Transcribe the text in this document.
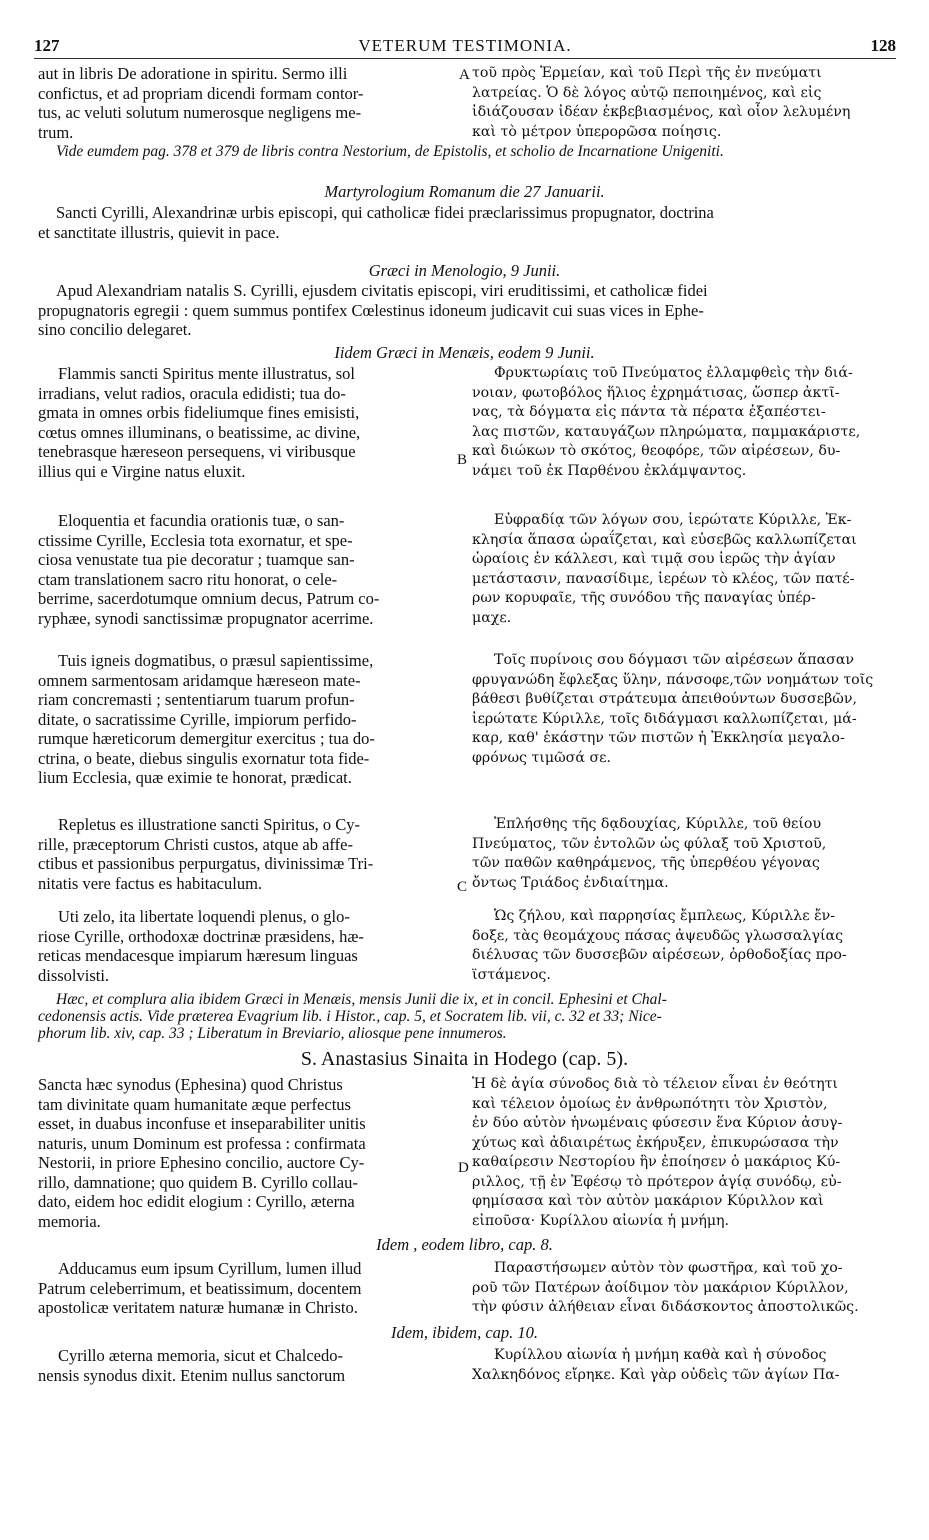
127	VETERUM TESTIMONIA.	128
A
B
C
D
aut in libris De adoratione in spiritu. Sermo illi
confictus, et ad propriam dicendi formam contor-
tus, ac veluti solutum numerosque negligens me-
trum.
τοῦ πρὸς Ἑρμείαν, καὶ τοῦ Περὶ τῆς ἐν πνεύματι
λατρείας. Ὁ δὲ λόγος αὐτῷ πεποιημένος, καὶ εἰς
ἰδιάζουσαν ἰδέαν ἐκβεβιασμένος, καὶ οἷον λελυμένη
καὶ τὸ μέτρον ὑπερορῶσα ποίησις.
Vide eumdem pag. 378 et 379 de libris contra Nestorium, de Epistolis, et scholio de Incarnatione Unigeniti.
Martyrologium Romanum die 27 Januarii.
Sancti Cyrilli, Alexandrinæ urbis episcopi, qui catholicæ fidei præclarissimus propugnator, doctrina
et sanctitate illustris, quievit in pace.
Græci in Menologio, 9 Junii.
Apud Alexandriam natalis S. Cyrilli, ejusdem civitatis episcopi, viri eruditissimi, et catholicæ fidei
propugnatoris egregii : quem summus pontifex Cœlestinus idoneum judicavit cui suas vices in Ephe-
sino concilio delegaret.
Iidem Græci in Menæis, eodem 9 Junii.
Flammis sancti Spiritus mente illustratus, sol
irradians, velut radios, oracula edidisti; tua do-
gmata in omnes orbis fideliumque fines emisisti,
cœtus omnes illuminans, o beatissime, ac divine,
tenebrasque hæreseon persequens, vi viribusque
illius qui e Virgine natus eluxit.
Φρυκτωρίαις τοῦ Πνεύματος ἐλλαμφθεὶς τὴν διά-
νοιαν, φωτοβόλος ἥλιος ἐχρημάτισας, ὥσπερ ἀκτῖ-
νας, τὰ δόγματα εἰς πάντα τὰ πέρατα ἐξαπέστει-
λας πιστῶν, καταυγάζων πληρώματα, παμμακάριστε,
καὶ διώκων τὸ σκότος, θεοφόρε, τῶν αἱρέσεων, δυ-
νάμει τοῦ ἐκ Παρθένου ἐκλάμψαντος.
Eloquentia et facundia orationis tuæ, o san-
ctissime Cyrille, Ecclesia tota exornatur, et spe-
ciosa venustate tua pie decoratur ; tuamque san-
ctam translationem sacro ritu honorat, o cele-
berrime, sacerdotumque omnium decus, Patrum co-
ryphæe, synodi sanctissimæ propugnator acerrime.
Εὐφραδίᾳ τῶν λόγων σου, ἱερώτατε Κύριλλε, Ἐκ-
κλησία ἅπασα ὡραΐζεται, καὶ εὐσεβῶς καλλωπίζεται
ὡραίοις ἐν κάλλεσι, καὶ τιμᾷ σου ἱερῶς τὴν ἁγίαν
μετάστασιν, πανασίδιμε, ἱερέων τὸ κλέος, τῶν πατέ-
ρων κορυφαῖε, τῆς συνόδου τῆς παναγίας ὑπέρ-
μαχε.
Tuis igneis dogmatibus, o præsul sapientissime,
omnem sarmentosam aridamque hæreseon mate-
riam concremasti ; sententiarum tuarum profun-
ditate, o sacratissime Cyrille, impiorum perfido-
rumque hæreticorum demergitur exercitus ; tua do-
ctrina, o beate, diebus singulis exornatur tota fide-
lium Ecclesia, quæ eximie te honorat, prædicat.
Τοῖς πυρίνοις σου δόγμασι τῶν αἱρέσεων ἅπασαν
φρυγανώδη ἔφλεξας ὕλην, πάνσοφε,τῶν νοημάτων τοῖς
βάθεσι βυθίζεται στράτευμα ἀπειθούντων δυσσεβῶν,
ἱερώτατε Κύριλλε, τοῖς διδάγμασι καλλωπίζεται, μά-
καρ, καθ' ἑκάστην τῶν πιστῶν ἡ Ἐκκλησία μεγαλο-
φρόνως τιμῶσά σε.
Repletus es illustratione sancti Spiritus, o Cy-
rille, præceptorum Christi custos, atque ab affe-
ctibus et passionibus perpurgatus, divinissimæ Tri-
nitatis vere factus es habitaculum.
Ἐπλήσθης τῆς δᾳδουχίας, Κύριλλε, τοῦ θείου
Πνεύματος, τῶν ἐντολῶν ὡς φύλαξ τοῦ Χριστοῦ,
τῶν παθῶν καθηράμενος, τῆς ὑπερθέου γέγονας
ὄντως Τριάδος ἐνδιαίτημα.
Uti zelo, ita libertate loquendi plenus, o glo-
riose Cyrille, orthodoxæ doctrinæ præsidens, hæ-
reticas mendacesque impiarum hæresum linguas
dissolvisti.
Ὡς ζήλου, καὶ παρρησίας ἔμπλεως, Κύριλλε ἔν-
δοξε, τὰς θεομάχους πάσας ἀψευδῶς γλωσσαλγίας
διέλυσας τῶν δυσσεβῶν αἱρέσεων, ὀρθοδοξίας προ-
ϊστάμενος.
Hæc, et complura alia ibidem Græci in Menæis, mensis Junii die ix, et in concil. Ephesini et Chal-
cedonensis actis. Vide præterea Evagrium lib. i Histor., cap. 5, et Socratem lib. vii, c. 32 et 33; Nice-
phorum lib. xiv, cap. 33 ; Liberatum in Breviario, aliosque pene innumeros.
S. Anastasius Sinaita in Hodego (cap. 5).
Sancta hæc synodus (Ephesina) quod Christus
tam divinitate quam humanitate æque perfectus
esset, in duabus inconfuse et inseparabiliter unitis
naturis, unum Dominum est professa : confirmata
Nestorii, in priore Ephesino concilio, auctore Cy-
rillo, damnatione; quo quidem B. Cyrillo collau-
dato, eidem hoc edidit elogium : Cyrillo, æterna
memoria.
Ἡ δὲ ἁγία σύνοδος διὰ τὸ τέλειον εἶναι ἐν θεότητι
καὶ τέλειον ὁμοίως ἐν ἀνθρωπότητι τὸν Χριστὸν,
ἐν δύο αὐτὸν ἡνωμέναις φύσεσιν ἕνα Κύριον ἀσυγ-
χύτως καὶ ἀδιαιρέτως ἐκήρυξεν, ἐπικυρώσασα τὴν
καθαίρεσιν Νεστορίου ἣν ἐποίησεν ὁ μακάριος Κύ-
ριλλος, τῇ ἐν Ἐφέσῳ τὸ πρότερον ἁγίᾳ συνόδῳ, εὐ-
φημίσασα καὶ τὸν αὐτὸν μακάριον Κύριλλον καὶ
εἰποῦσα· Κυρίλλου αἰωνία ἡ μνήμη.
Idem , eodem libro, cap. 8.
Adducamus eum ipsum Cyrillum, lumen illud
Patrum celeberrimum, et beatissimum, docentem
apostolicæ veritatem naturæ humanæ in Christo.
Παραστήσωμεν αὐτὸν τὸν φωστῆρα, καὶ τοῦ χο-
ροῦ τῶν Πατέρων ἀοίδιμον τὸν μακάριον Κύριλλον,
τὴν φύσιν ἀλήθειαν εἶναι διδάσκοντος ἀποστολικῶς.
Idem, ibidem, cap. 10.
Cyrillo æterna memoria, sicut et Chalcedo-
nensis synodus dixit. Etenim nullus sanctorum
Κυρίλλου αἰωνία ἡ μνήμη καθὰ καὶ ἡ σύνοδος
Χαλκηδόνος εἴρηκε. Καὶ γὰρ οὐδεὶς τῶν ἁγίων Πα-
